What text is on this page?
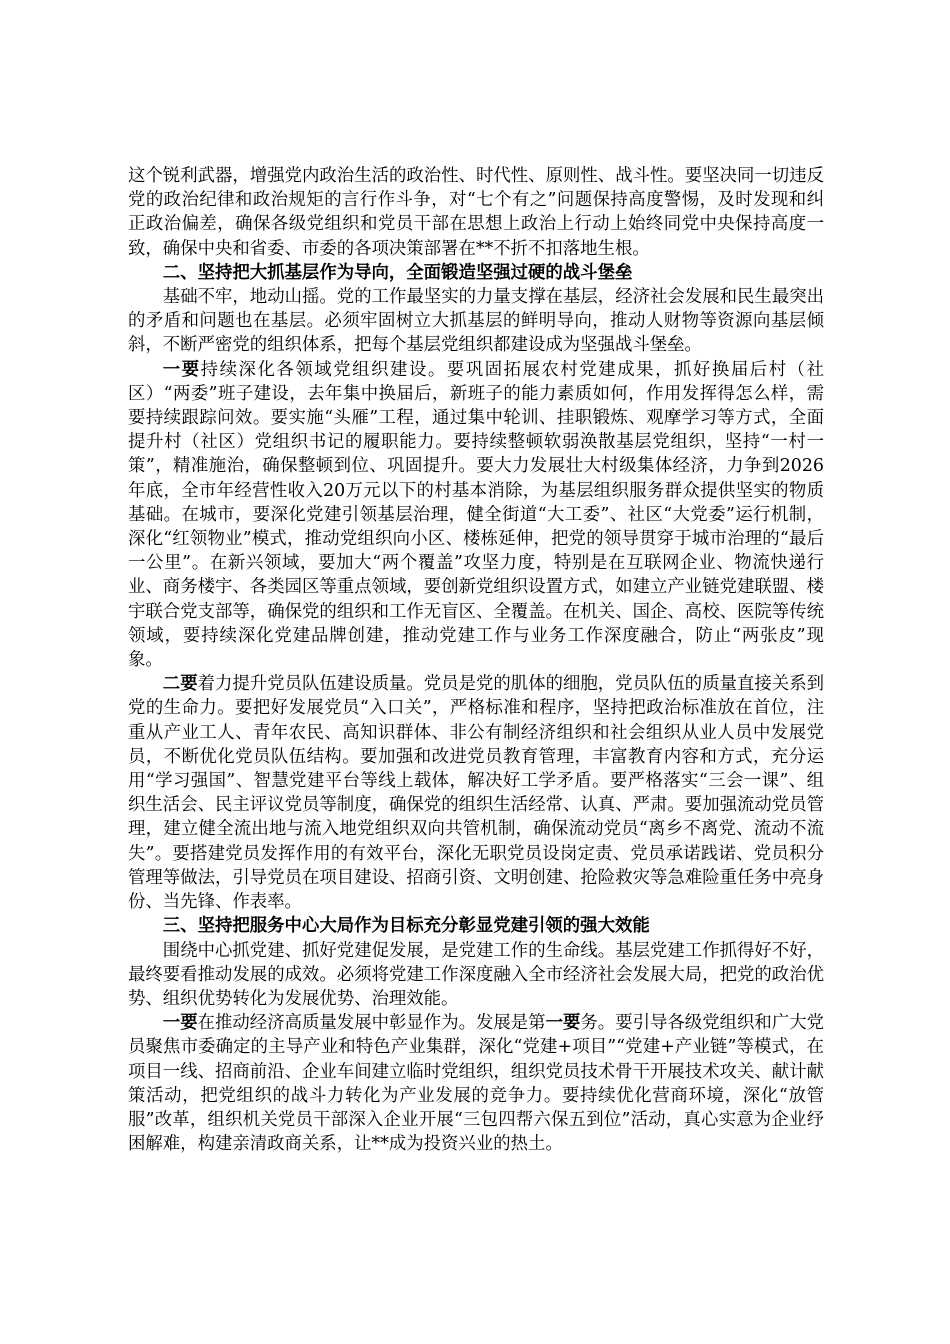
这个锐利武器，增强党内政治生活的政治性、时代性、原则性、战斗性。要坚决同一切违反党的政治纪律和政治规矩的言行作斗争，对“七个有之”问题保持高度警惕，及时发现和纠正政治偏差，确保各级党组织和党员干部在思想上政治上行动上始终同党中央保持高度一致，确保中央和省委、市委的各项决策部署在**不折不扣落地生根。

二、坚持把大抓基层作为导向，全面锻造坚强过硬的战斗堡垒

基础不牢，地动山摇。党的工作最坚实的力量支撑在基层，经济社会发展和民生最突出的矛盾和问题也在基层。必须牢固树立大抓基层的鲜明导向，推动人财物等资源向基层倾斜，不断严密党的组织体系，把每个基层党组织都建设成为坚强战斗堡垒。

一要持续深化各领域党组织建设。要巩固拓展农村党建成果，抓好换届后村（社区）“两委”班子建设，去年集中换届后，新班子的能力素质如何，作用发挥得怎么样，需要持续跟踪问效。要实施“头雁”工程，通过集中轮训、挂职锻炼、观摩学习等方式，全面提升村（社区）党组织书记的履职能力。要持续整顿软弱涣散基层党组织，坚持“一村一策”，精准施治，确保整顿到位、巩固提升。要大力发展壮大村级集体经济，力争到2026年底，全市年经营性收入20万元以下的村基本消除，为基层组织服务群众提供坚实的物质基础。在城市，要深化党建引领基层治理，健全街道“大工委”、社区“大党委”运行机制，深化“红领物业”模式，推动党组织向小区、楼栋延伸，把党的领导贯穿于城市治理的“最后一公里”。在新兴领域，要加大“两个覆盖”攻坚力度，特别是在互联网企业、物流快递行业、商务楼宇、各类园区等重点领域，要创新党组织设置方式，如建立产业链党建联盟、楼宇联合党支部等，确保党的组织和工作无盲区、全覆盖。在机关、国企、高校、医院等传统领域，要持续深化党建品牌创建，推动党建工作与业务工作深度融合，防止“两张皮”现象。

二要着力提升党员队伍建设质量。党员是党的肌体的细胞，党员队伍的质量直接关系到党的生命力。要把好发展党员“入口关”，严格标准和程序，坚持把政治标准放在首位，注重从产业工人、青年农民、高知识群体、非公有制经济组织和社会组织从业人员中发展党员，不断优化党员队伍结构。要加强和改进党员教育管理，丰富教育内容和方式，充分运用“学习强国”、智慧党建平台等线上载体，解决好工学矛盾。要严格落实“三会一课”、组织生活会、民主评议党员等制度，确保党的组织生活经常、认真、严肃。要加强流动党员管理，建立健全流出地与流入地党组织双向共管机制，确保流动党员“离乡不离党、流动不流失”。要搭建党员发挥作用的有效平台，深化无职党员设岗定责、党员承诺践诺、党员积分管理等做法，引导党员在项目建设、招商引资、文明创建、抢险救灾等急难险重任务中亮身份、当先锋、作表率。

三、坚持把服务中心大局作为目标充分彰显党建引领的强大效能

围绕中心抓党建、抓好党建促发展，是党建工作的生命线。基层党建工作抓得好不好，最终要看推动发展的成效。必须将党建工作深度融入全市经济社会发展大局，把党的政治优势、组织优势转化为发展优势、治理效能。

一要在推动经济高质量发展中彰显作为。发展是第一要务。要引导各级党组织和广大党员聚焦市委确定的主导产业和特色产业集群，深化“党建+项目”“党建+产业链”等模式，在项目一线、招商前沿、企业车间建立临时党组织，组织党员技术骨干开展技术攻关、献计献策活动，把党组织的战斗力转化为产业发展的竞争力。要持续优化营商环境，深化“放管服”改革，组织机关党员干部深入企业开展“三包四帮六保五到位”活动，真心实意为企业纾困解难，构建亲清政商关系，让**成为投资兴业的热土。
